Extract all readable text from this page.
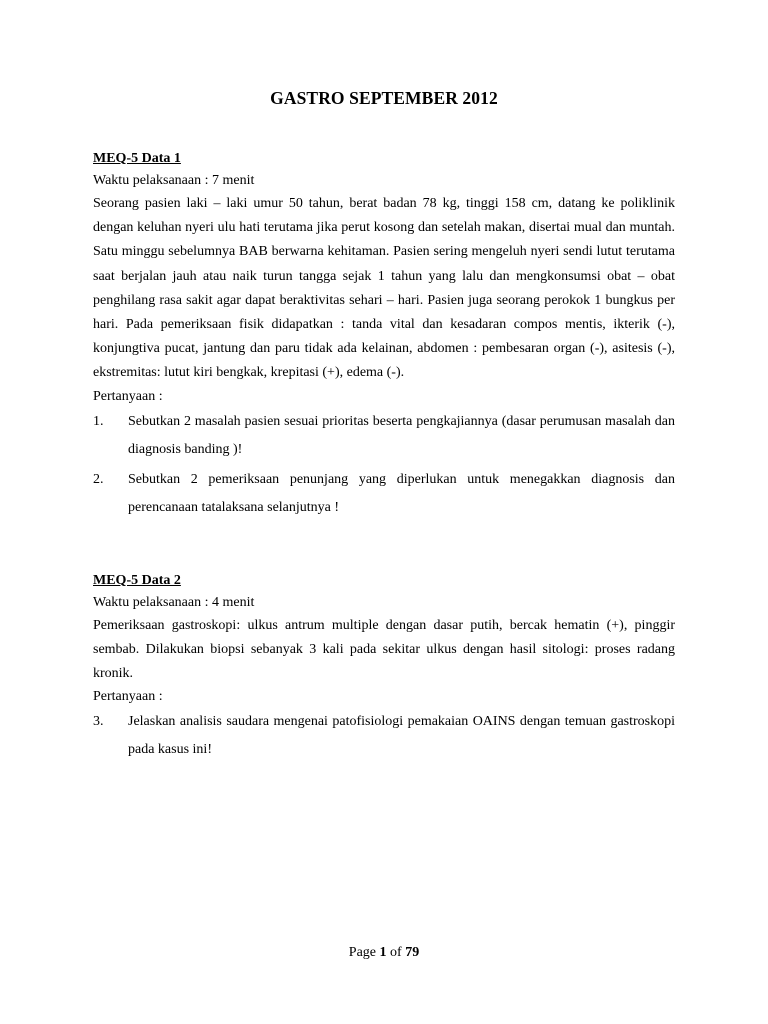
GASTRO SEPTEMBER 2012
MEQ-5 Data 1
Waktu pelaksanaan : 7 menit
Seorang pasien laki – laki umur 50 tahun, berat badan 78 kg, tinggi 158 cm, datang ke poliklinik dengan keluhan nyeri ulu hati terutama jika perut kosong dan setelah makan, disertai mual dan muntah. Satu minggu sebelumnya BAB berwarna kehitaman. Pasien sering mengeluh nyeri sendi lutut terutama saat berjalan jauh atau naik turun tangga sejak 1 tahun yang lalu dan mengkonsumsi obat – obat penghilang rasa sakit agar dapat beraktivitas sehari – hari. Pasien juga seorang perokok 1 bungkus per hari. Pada pemeriksaan fisik didapatkan : tanda vital dan kesadaran compos mentis, ikterik (-), konjungtiva pucat, jantung dan paru tidak ada kelainan, abdomen : pembesaran organ (-), asitesis (-), ekstremitas: lutut kiri bengkak, krepitasi (+), edema (-).
Pertanyaan :
1. Sebutkan 2 masalah pasien sesuai prioritas beserta pengkajiannya (dasar perumusan masalah dan diagnosis banding )!
2. Sebutkan 2 pemeriksaan penunjang yang diperlukan untuk menegakkan diagnosis dan perencanaan tatalaksana selanjutnya !
MEQ-5 Data 2
Waktu pelaksanaan : 4 menit
Pemeriksaan gastroskopi: ulkus antrum multiple dengan dasar putih, bercak hematin (+), pinggir sembab. Dilakukan biopsi sebanyak 3 kali pada sekitar ulkus dengan hasil sitologi: proses radang kronik.
Pertanyaan :
3. Jelaskan analisis saudara mengenai patofisiologi pemakaian OAINS dengan temuan gastroskopi pada kasus ini!
Page 1 of 79
